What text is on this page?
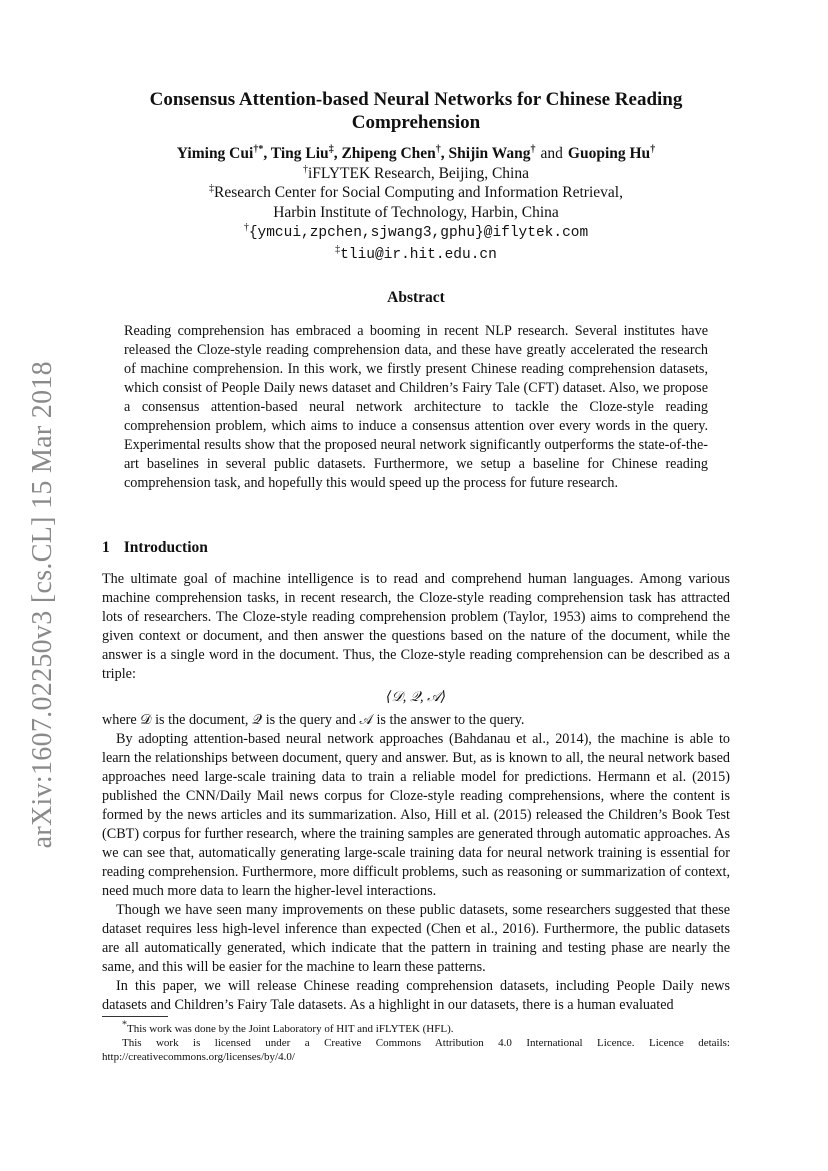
arXiv:1607.02250v3 [cs.CL] 15 Mar 2018
Consensus Attention-based Neural Networks for Chinese Reading Comprehension
Yiming Cui†*, Ting Liu‡, Zhipeng Chen†, Shijin Wang† and Guoping Hu†
†iFLYTEK Research, Beijing, China
‡Research Center for Social Computing and Information Retrieval,
Harbin Institute of Technology, Harbin, China
†{ymcui,zpchen,sjwang3,gphu}@iflytek.com
‡tliu@ir.hit.edu.cn
Abstract

Reading comprehension has embraced a booming in recent NLP research. Several institutes have released the Cloze-style reading comprehension data, and these have greatly accelerated the research of machine comprehension. In this work, we firstly present Chinese reading comprehension datasets, which consist of People Daily news dataset and Children’s Fairy Tale (CFT) dataset. Also, we propose a consensus attention-based neural network architecture to tackle the Cloze-style reading comprehension problem, which aims to induce a consensus attention over every words in the query. Experimental results show that the proposed neural network significantly outperforms the state-of-the-art baselines in several public datasets. Furthermore, we setup a baseline for Chinese reading comprehension task, and hopefully this would speed up the process for future research.

1 Introduction

The ultimate goal of machine intelligence is to read and comprehend human languages. Among various machine comprehension tasks, in recent research, the Cloze-style reading comprehension task has attracted lots of researchers. The Cloze-style reading comprehension problem (Taylor, 1953) aims to comprehend the given context or document, and then answer the questions based on the nature of the document, while the answer is a single word in the document. Thus, the Cloze-style reading comprehension can be described as a triple:

⟨𝒟, 𝒬, 𝒜⟩

where 𝒟 is the document, 𝒬 is the query and 𝒜 is the answer to the query.

By adopting attention-based neural network approaches (Bahdanau et al., 2014), the machine is able to learn the relationships between document, query and answer. But, as is known to all, the neural network based approaches need large-scale training data to train a reliable model for predictions. Hermann et al. (2015) published the CNN/Daily Mail news corpus for Cloze-style reading comprehensions, where the content is formed by the news articles and its summarization. Also, Hill et al. (2015) released the Children’s Book Test (CBT) corpus for further research, where the training samples are generated through automatic approaches. As we can see that, automatically generating large-scale training data for neural network training is essential for reading comprehension. Furthermore, more difficult problems, such as reasoning or summarization of context, need much more data to learn the higher-level interactions.

Though we have seen many improvements on these public datasets, some researchers suggested that these dataset requires less high-level inference than expected (Chen et al., 2016). Furthermore, the public datasets are all automatically generated, which indicate that the pattern in training and testing phase are nearly the same, and this will be easier for the machine to learn these patterns.

In this paper, we will release Chinese reading comprehension datasets, including People Daily news datasets and Children’s Fairy Tale datasets. As a highlight in our datasets, there is a human evaluated

*This work was done by the Joint Laboratory of HIT and iFLYTEK (HFL).

This work is licensed under a Creative Commons Attribution 4.0 International Licence. Licence details: http://creativecommons.org/licenses/by/4.0/
